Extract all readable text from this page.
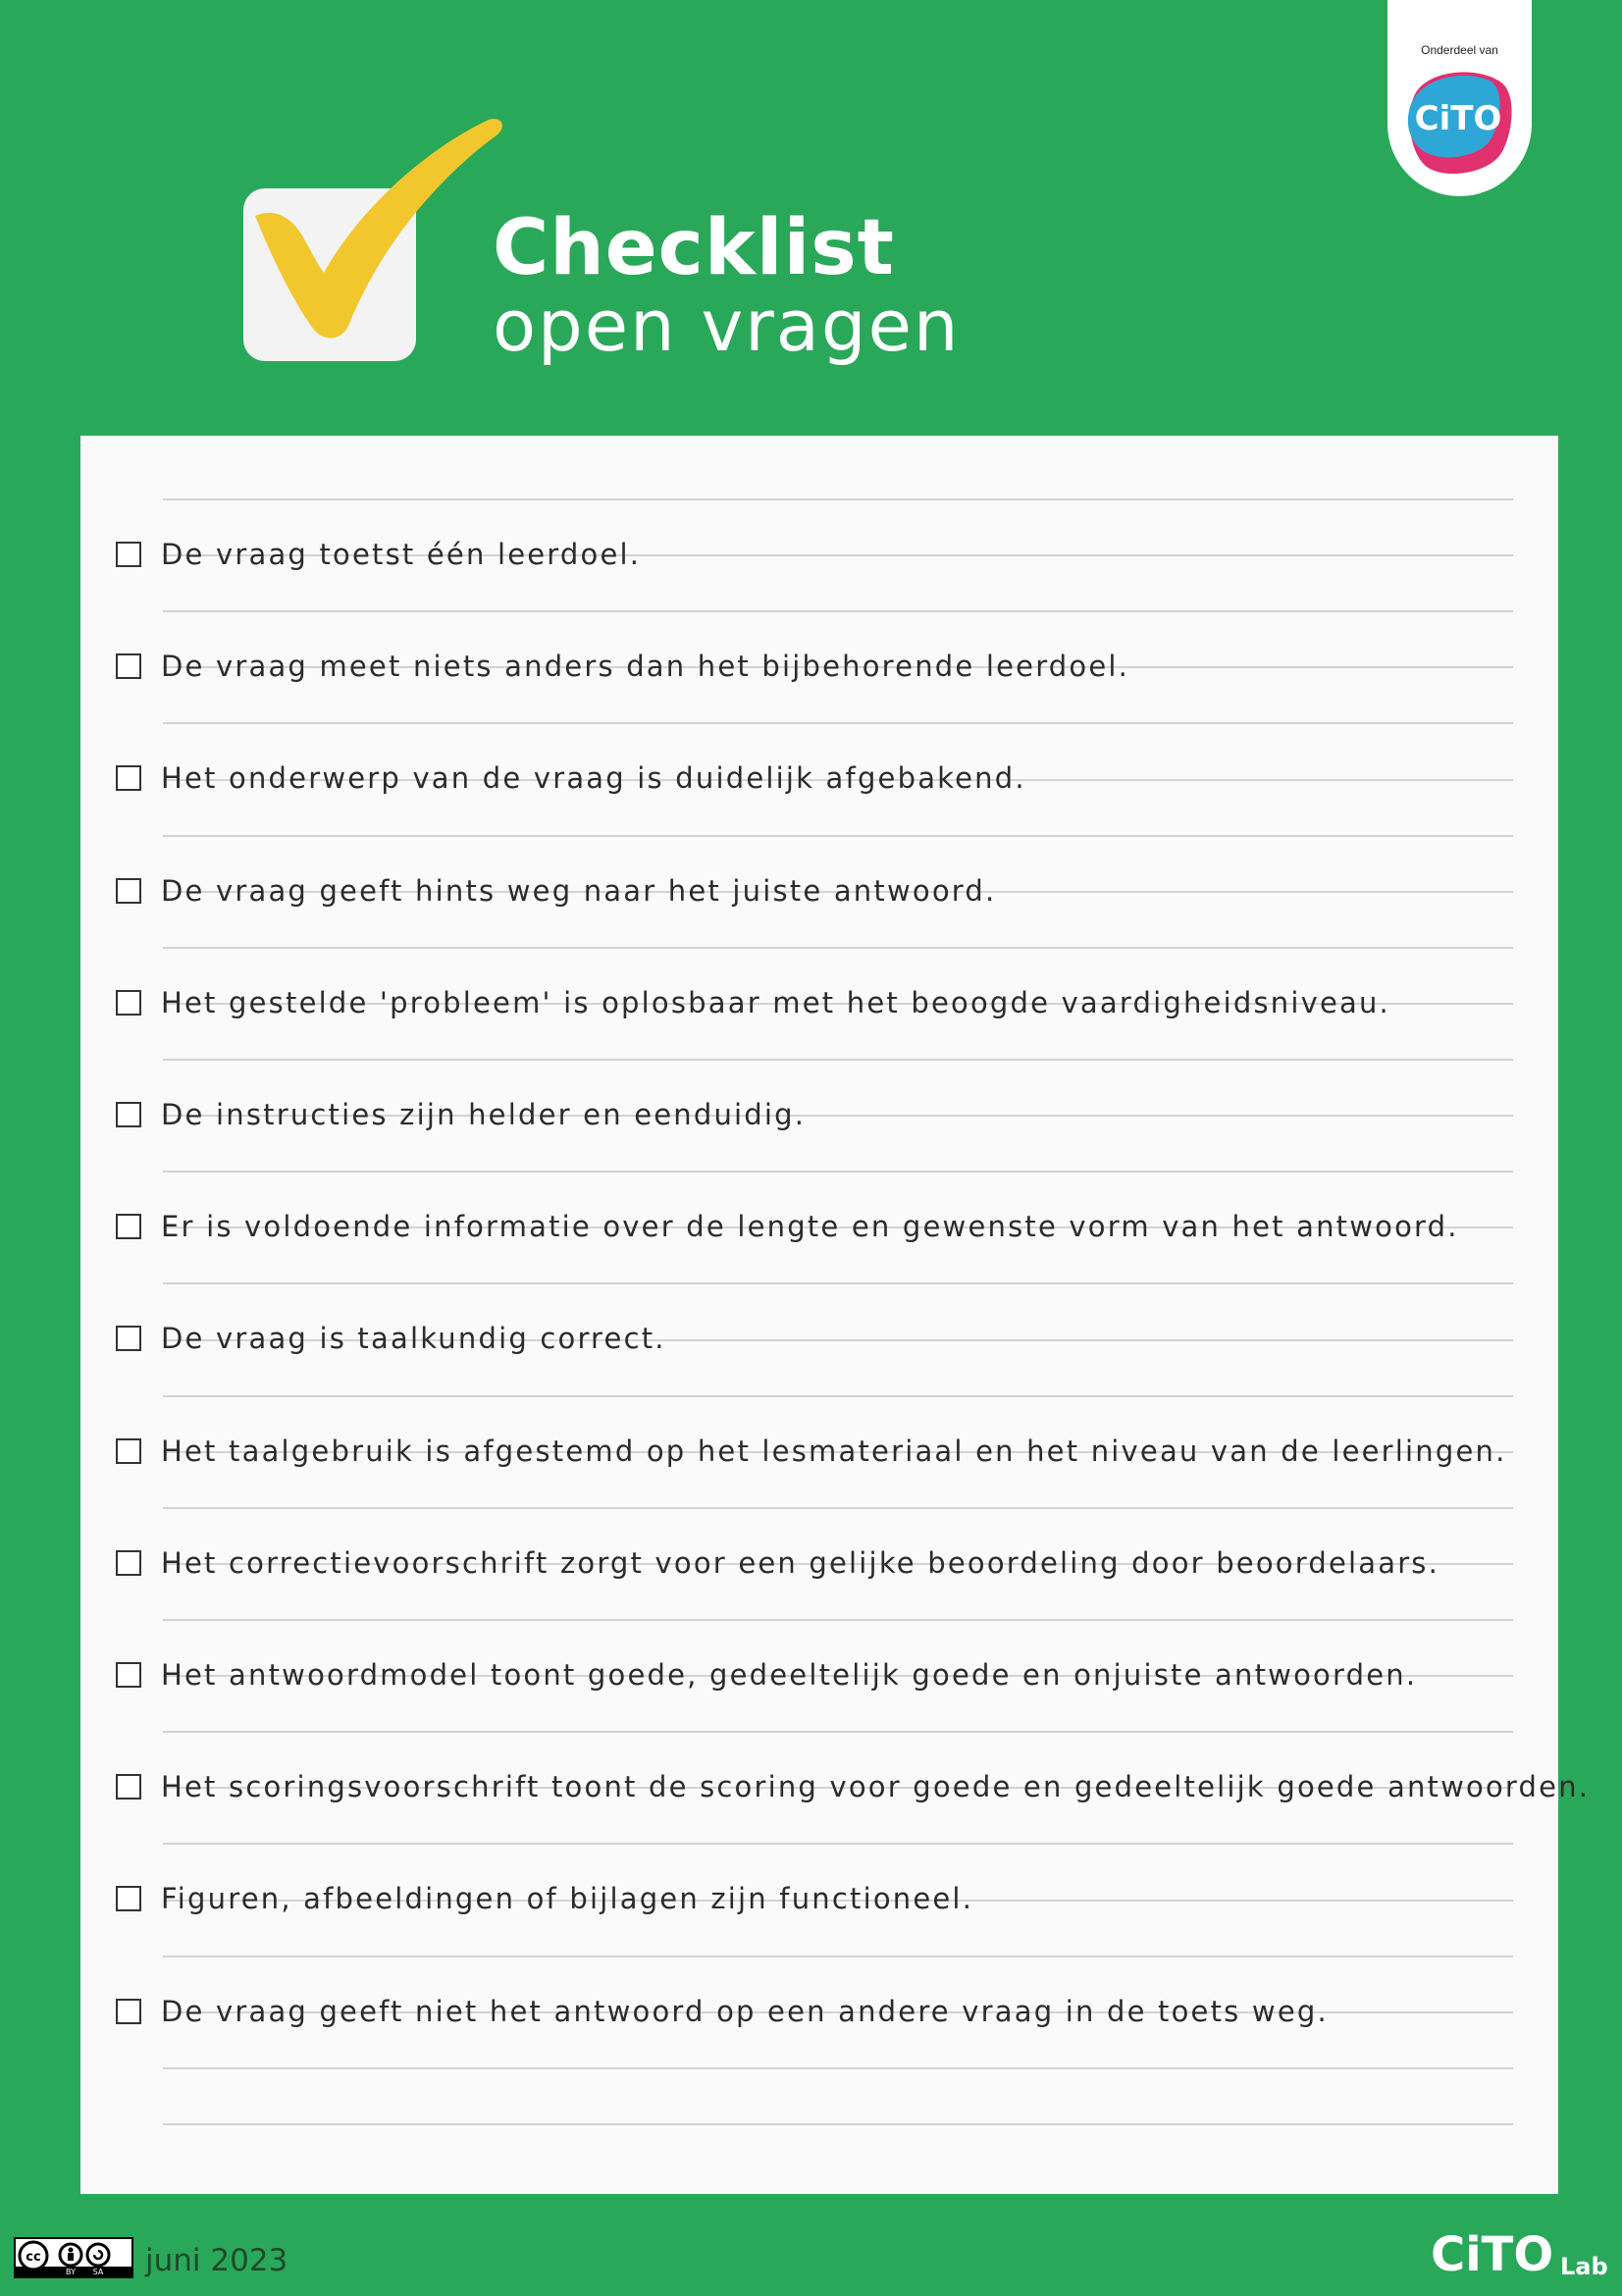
Checklist
open vragen
Onderdeel van
CiTO
De vraag toetst één leerdoel.
De vraag meet niets anders dan het bijbehorende leerdoel.
Het onderwerp van de vraag is duidelijk afgebakend.
De vraag geeft hints weg naar het juiste antwoord.
Het gestelde 'probleem' is oplosbaar met het beoogde vaardigheidsniveau.
De instructies zijn helder en eenduidig.
Er is voldoende informatie over de lengte en gewenste vorm van het antwoord.
De vraag is taalkundig correct.
Het taalgebruik is afgestemd op het lesmateriaal en het niveau van de leerlingen.
Het correctievoorschrift zorgt voor een gelijke beoordeling door beoordelaars.
Het antwoordmodel toont goede, gedeeltelijk goede en onjuiste antwoorden.
Het scoringsvoorschrift toont de scoring voor goede en gedeeltelijk goede antwoorden.
Figuren, afbeeldingen of bijlagen zijn functioneel.
De vraag geeft niet het antwoord op een andere vraag in de toets weg.
cc
BY SA juni 2023	CiTO Lab
